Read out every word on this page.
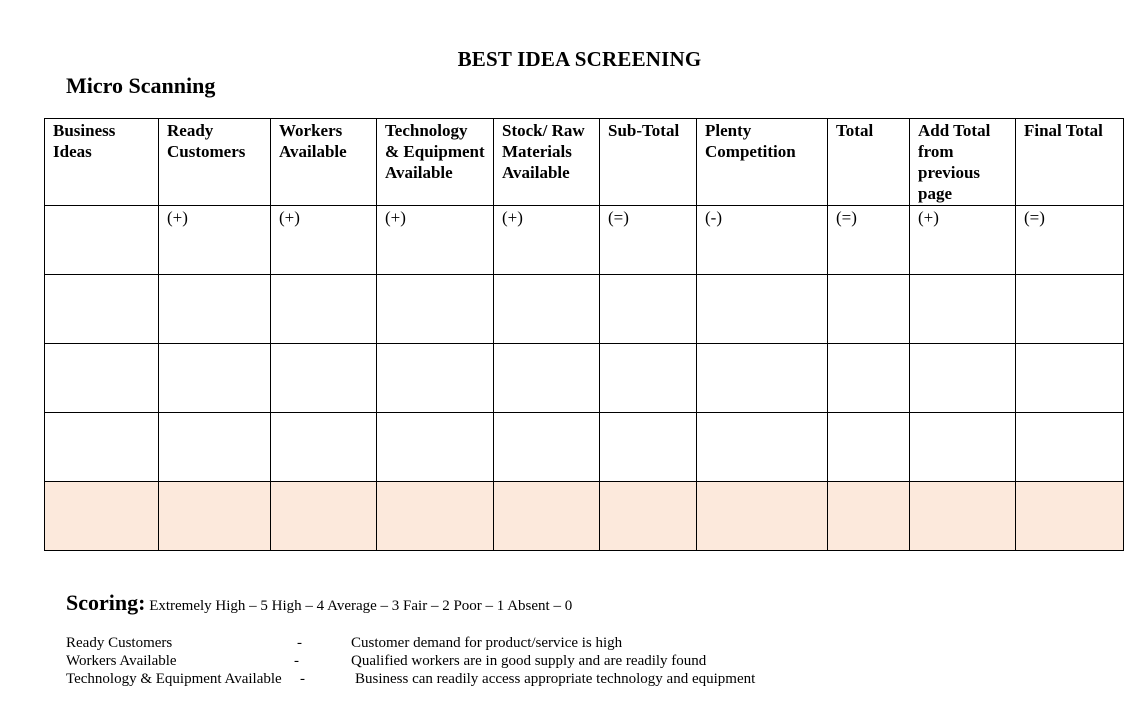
BEST IDEA SCREENING
Micro Scanning
Business Ideas	Ready Customers	Workers Available	Technology & Equipment Available	Stock/ Raw Materials Available	Sub-Total	Plenty Competition	Total	Add Total from previous page	Final Total
	(+)	(+)	(+)	(+)	(=)	(-)	(=)	(+)	(=)

Scoring: Extremely High – 5 High – 4 Average – 3 Fair – 2 Poor – 1 Absent – 0
Ready Customers	-	Customer demand for product/service is high
Workers Available	-	Qualified workers are in good supply and are readily found
Technology & Equipment Available -	Business can readily access appropriate technology and equipment
